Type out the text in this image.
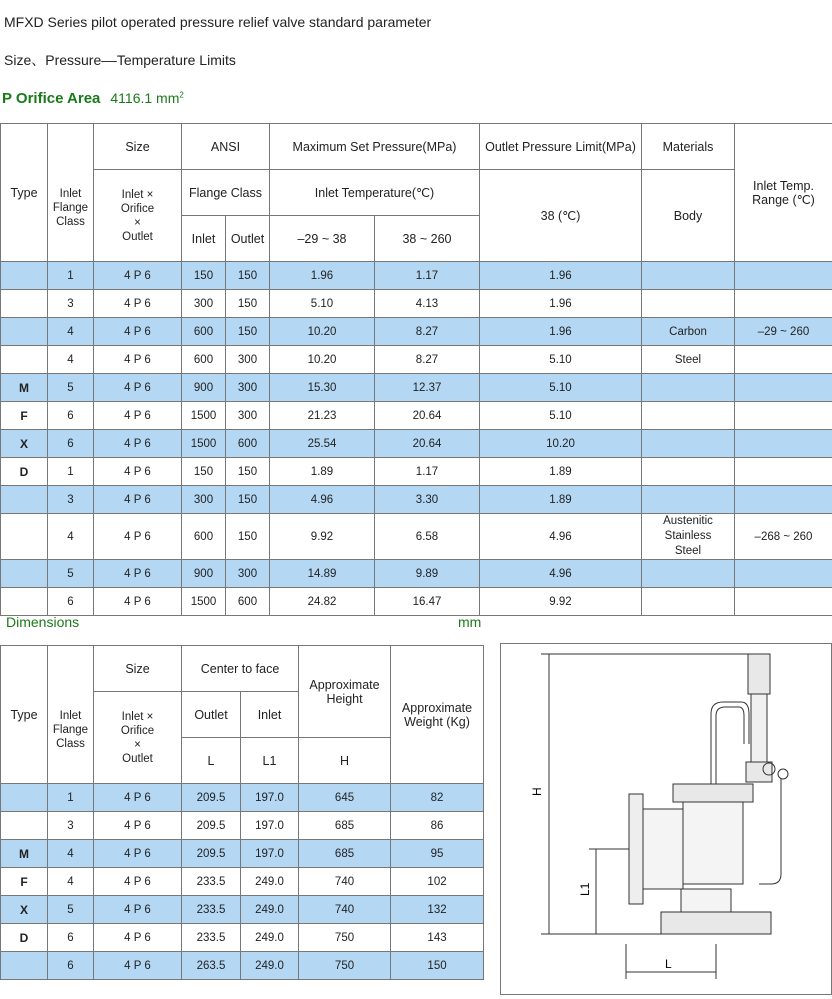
MFXD Series pilot operated pressure relief valve standard parameter
Size、Pressure––Temperature Limits
P Orifice Area 4116.1 $mm^2$
Type	Inlet Flange Class	Size	ANSI		Maximum Set Pressure(MPa)		Outlet Pressure Limit(MPa)	Materials	Inlet Temp. Range (℃)
		Inlet × Orifice × Outlet	Flange Class		Inlet Temperature(℃)		38 (℃)	Body	
			Inlet	Outlet	‒29 ~ 38	38 ~ 260			
	1	4 P 6	150	150	1.96	1.17	1.96		
	3	4 P 6	300	150	5.10	4.13	1.96		
	4	4 P 6	600	150	10.20	8.27	1.96	Carbon	‒29 ~ 260
	4	4 P 6	600	300	10.20	8.27	5.10	Steel	
M	5	4 P 6	900	300	15.30	12.37	5.10		
F	6	4 P 6	1500	300	21.23	20.64	5.10		
X	6	4 P 6	1500	600	25.54	20.64	10.20		
D	1	4 P 6	150	150	1.89	1.17	1.89		
	3	4 P 6	300	150	4.96	3.30	1.89		
	4	4 P 6	600	150	9.92	6.58	4.96	Austenitic
Stainless
Steel	‒268 ~ 260
	5	4 P 6	900	300	14.89	9.89	4.96		
	6	4 P 6	1500	600	24.82	16.47	9.92		
Dimensions	mm
Type	Inlet Flange Class	Size	Center to face		Approximate Height	Approximate Weight (Kg)
		Inlet × Orifice × Outlet	Outlet	Inlet		
			L	L1	H	
	1	4 P 6	209.5	197.0	645	82
	3	4 P 6	209.5	197.0	685	86
M	4	4 P 6	209.5	197.0	685	95
F	4	4 P 6	233.5	249.0	740	102
X	5	4 P 6	233.5	249.0	740	132
D	6	4 P 6	233.5	249.0	750	143
	6	4 P 6	263.5	249.0	750	150
H
L1
L
